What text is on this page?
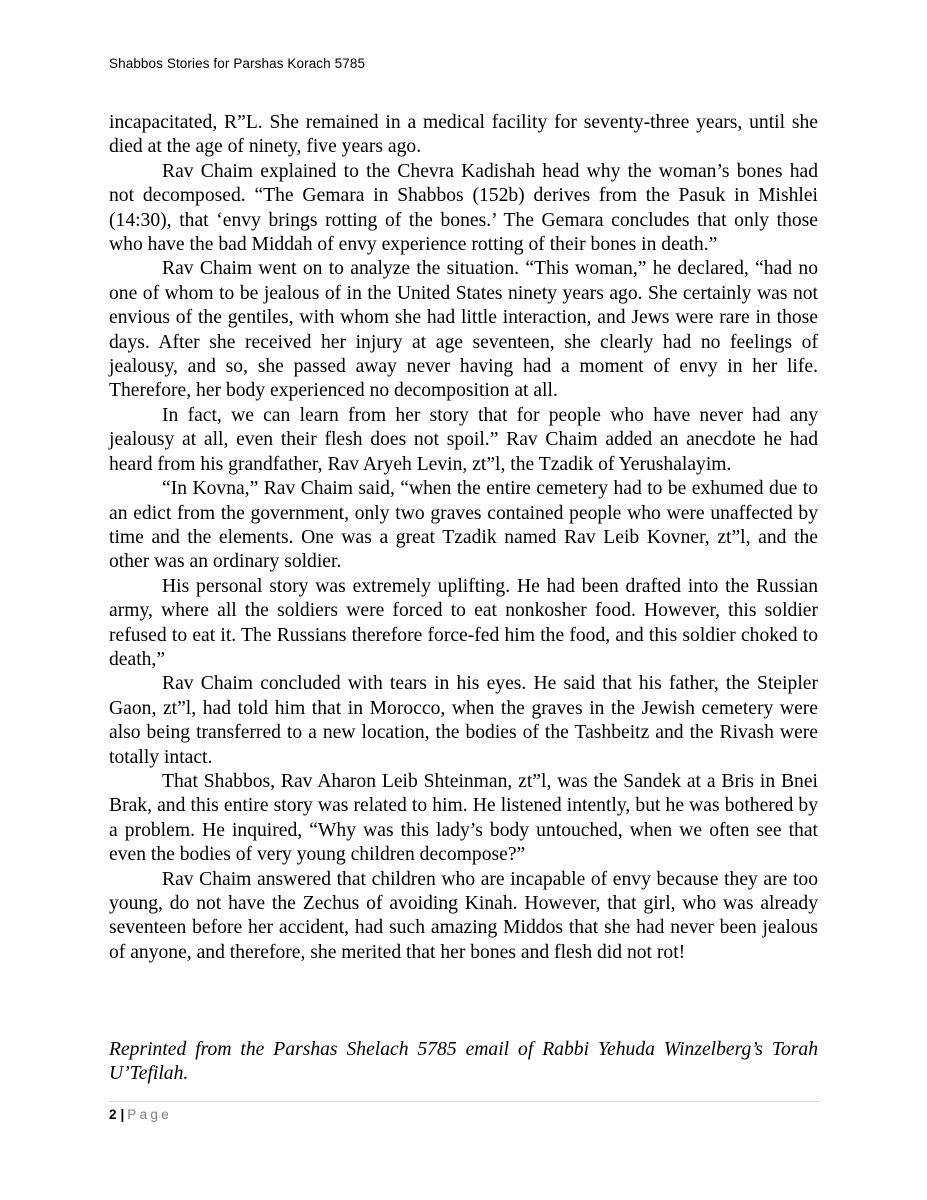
Shabbos Stories for Parshas Korach 5785

incapacitated, R”L. She remained in a medical facility for seventy-three years, until she died at the age of ninety, five years ago.

Rav Chaim explained to the Chevra Kadishah head why the woman’s bones had not decomposed. “The Gemara in Shabbos (152b) derives from the Pasuk in Mishlei (14:30), that ‘envy brings rotting of the bones.’ The Gemara concludes that only those who have the bad Middah of envy experience rotting of their bones in death.”

Rav Chaim went on to analyze the situation. “This woman,” he declared, “had no one of whom to be jealous of in the United States ninety years ago. She certainly was not envious of the gentiles, with whom she had little interaction, and Jews were rare in those days. After she received her injury at age seventeen, she clearly had no feelings of jealousy, and so, she passed away never having had a moment of envy in her life. Therefore, her body experienced no decomposition at all.

In fact, we can learn from her story that for people who have never had any jealousy at all, even their flesh does not spoil.” Rav Chaim added an anecdote he had heard from his grandfather, Rav Aryeh Levin, zt”l, the Tzadik of Yerushalayim.

“In Kovna,” Rav Chaim said, “when the entire cemetery had to be exhumed due to an edict from the government, only two graves contained people who were unaffected by time and the elements. One was a great Tzadik named Rav Leib Kovner, zt”l, and the other was an ordinary soldier.

His personal story was extremely uplifting. He had been drafted into the Russian army, where all the soldiers were forced to eat nonkosher food. However, this soldier refused to eat it. The Russians therefore force-fed him the food, and this soldier choked to death,”

Rav Chaim concluded with tears in his eyes. He said that his father, the Steipler Gaon, zt”l, had told him that in Morocco, when the graves in the Jewish cemetery were also being transferred to a new location, the bodies of the Tashbeitz and the Rivash were totally intact.

That Shabbos, Rav Aharon Leib Shteinman, zt”l, was the Sandek at a Bris in Bnei Brak, and this entire story was related to him. He listened intently, but he was bothered by a problem. He inquired, “Why was this lady’s body untouched, when we often see that even the bodies of very young children decompose?”

Rav Chaim answered that children who are incapable of envy because they are too young, do not have the Zechus of avoiding Kinah. However, that girl, who was already seventeen before her accident, had such amazing Middos that she had never been jealous of anyone, and therefore, she merited that her bones and flesh did not rot!

Reprinted from the Parshas Shelach 5785 email of Rabbi Yehuda Winzelberg’s Torah U’Tefilah.

2 | Page
